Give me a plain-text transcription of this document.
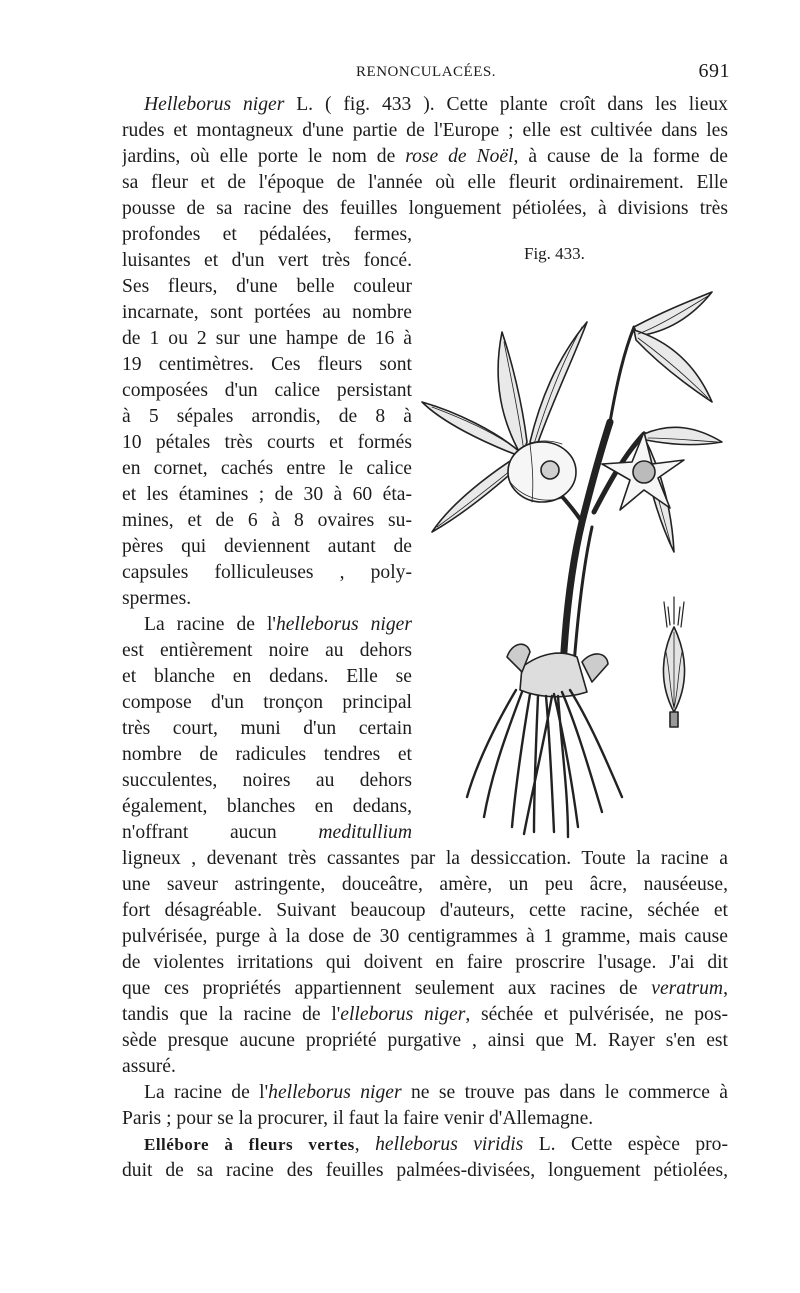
RENONCULACÉES.	691
Helleborus niger L. ( fig. 433 ). Cette plante croît dans les lieux
rudes et montagneux d'une partie de l'Europe ; elle est cultivée dans les
jardins, où elle porte le nom de rose de Noël, à cause de la forme de
sa fleur et de l'époque de l'année où elle fleurit ordinairement. Elle
pousse de sa racine des feuilles longuement pétiolées, à divisions très
profondes et pédalées, fermes,
luisantes et d'un vert très foncé.
Ses fleurs, d'une belle couleur
incarnate, sont portées au nombre
de 1 ou 2 sur une hampe de 16 à
19 centimètres. Ces fleurs sont
composées d'un calice persistant
à 5 sépales arrondis, de 8 à
10 pétales très courts et formés
en cornet, cachés entre le calice
et les étamines ; de 30 à 60 éta-
mines, et de 6 à 8 ovaires su-
pères qui deviennent autant de
capsules folliculeuses , poly-
spermes.
La racine de l'helleborus niger
est entièrement noire au dehors
et blanche en dedans. Elle se
compose d'un tronçon principal
très court, muni d'un certain
nombre de radicules tendres et
succulentes, noires au dehors
également, blanches en dedans,
n'offrant aucun meditullium
ligneux , devenant très cassantes par la dessiccation. Toute la racine a
une saveur astringente, douceâtre, amère, un peu âcre, nauséeuse,
fort désagréable. Suivant beaucoup d'auteurs, cette racine, séchée et
pulvérisée, purge à la dose de 30 centigrammes à 1 gramme, mais cause
de violentes irritations qui doivent en faire proscrire l'usage. J'ai dit
que ces propriétés appartiennent seulement aux racines de veratrum,
tandis que la racine de l'elleborus niger, séchée et pulvérisée, ne pos-
sède presque aucune propriété purgative , ainsi que M. Rayer s'en est
assuré.
La racine de l'helleborus niger ne se trouve pas dans le commerce à
Paris ; pour se la procurer, il faut la faire venir d'Allemagne.
Ellébore à fleurs vertes, helleborus viridis L. Cette espèce pro-
duit de sa racine des feuilles palmées-divisées, longuement pétiolées,
Fig. 433.
